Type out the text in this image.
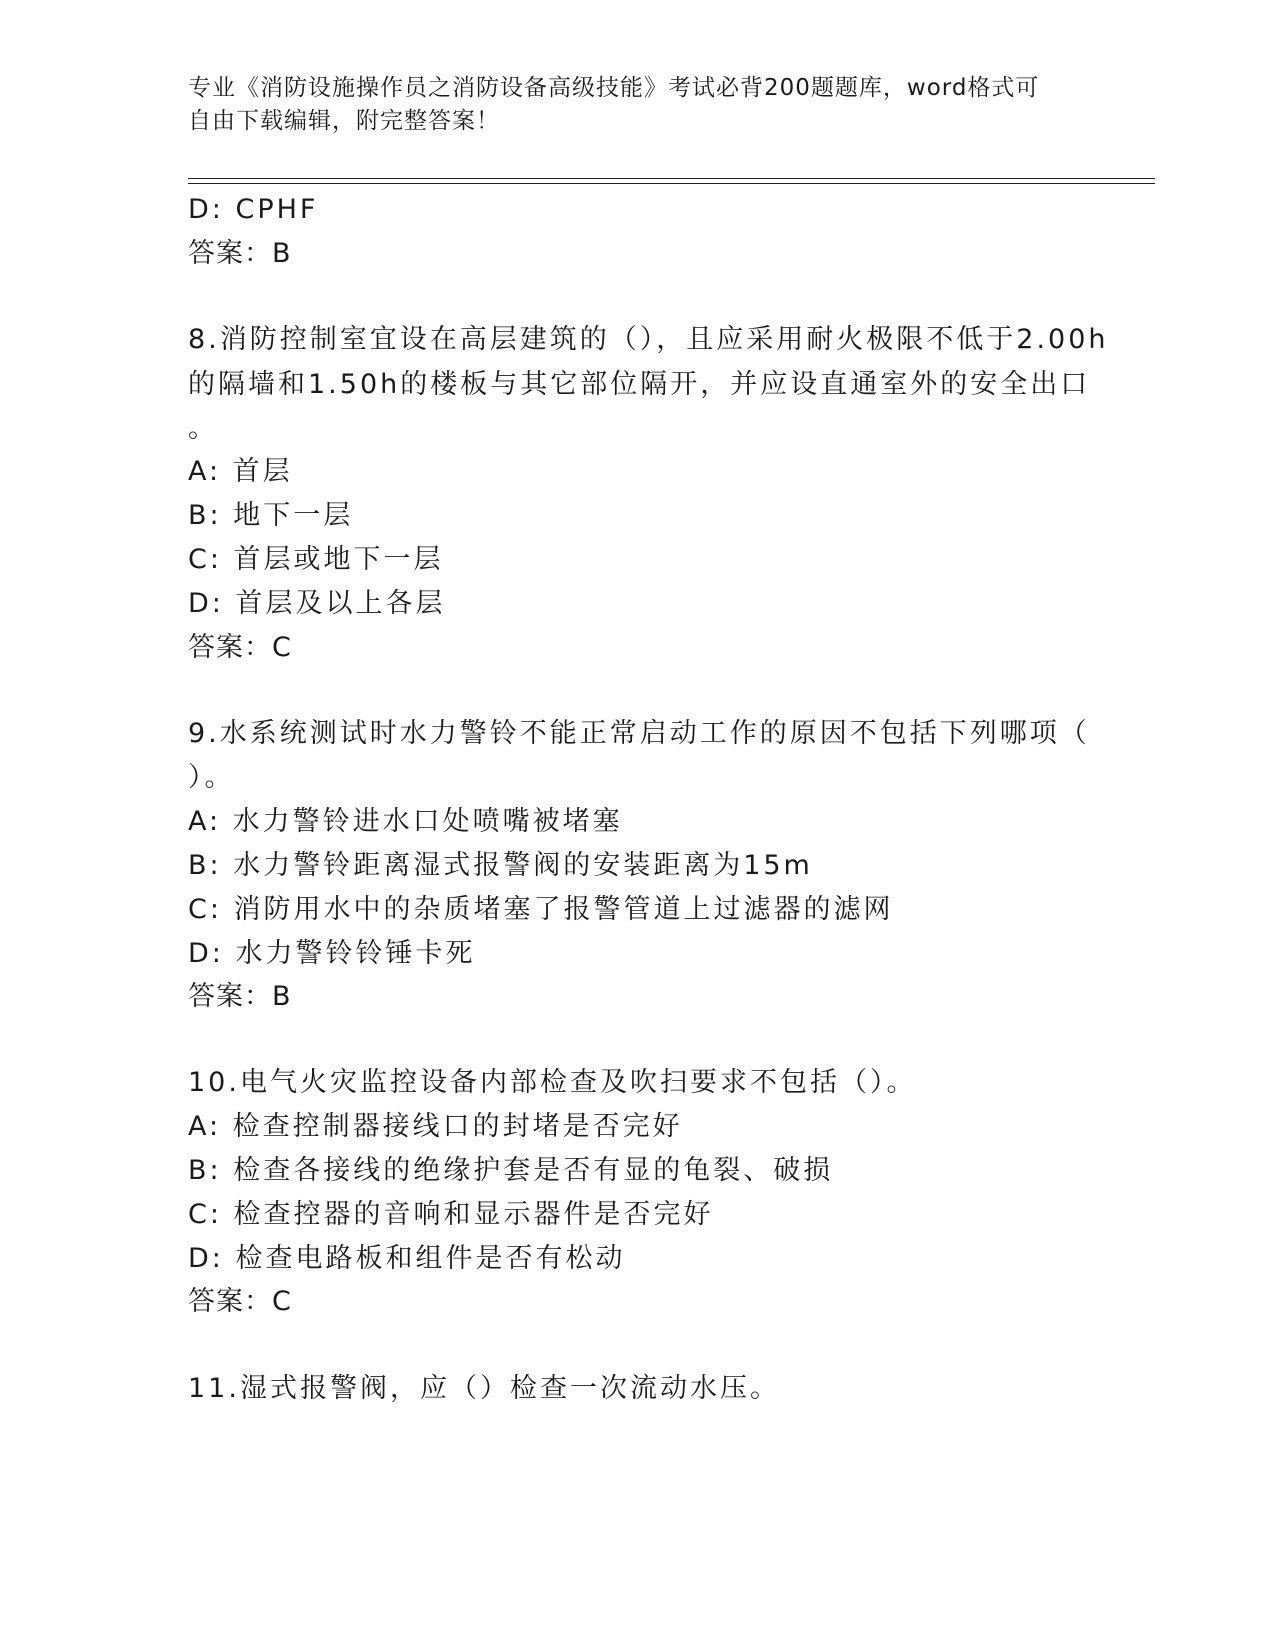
专业《消防设施操作员之消防设备高级技能》考试必背200题题库，word格式可
自由下载编辑，附完整答案！
D: CPHF
答案：B
8.消防控制室宜设在高层建筑的（），且应采用耐火极限不低于2.00h
的隔墙和1.50h的楼板与其它部位隔开，并应设直通室外的安全出口
。
A: 首层
B: 地下一层
C: 首层或地下一层
D: 首层及以上各层
答案：C
9.水系统测试时水力警铃不能正常启动工作的原因不包括下列哪项（
）。
A: 水力警铃进水口处喷嘴被堵塞
B: 水力警铃距离湿式报警阀的安装距离为15m
C: 消防用水中的杂质堵塞了报警管道上过滤器的滤网
D: 水力警铃铃锤卡死
答案：B
10.电气火灾监控设备内部检查及吹扫要求不包括（）。
A: 检查控制器接线口的封堵是否完好
B: 检查各接线的绝缘护套是否有显的龟裂、破损
C: 检查控器的音响和显示器件是否完好
D: 检查电路板和组件是否有松动
答案：C
11.湿式报警阀，应（）检查一次流动水压。
